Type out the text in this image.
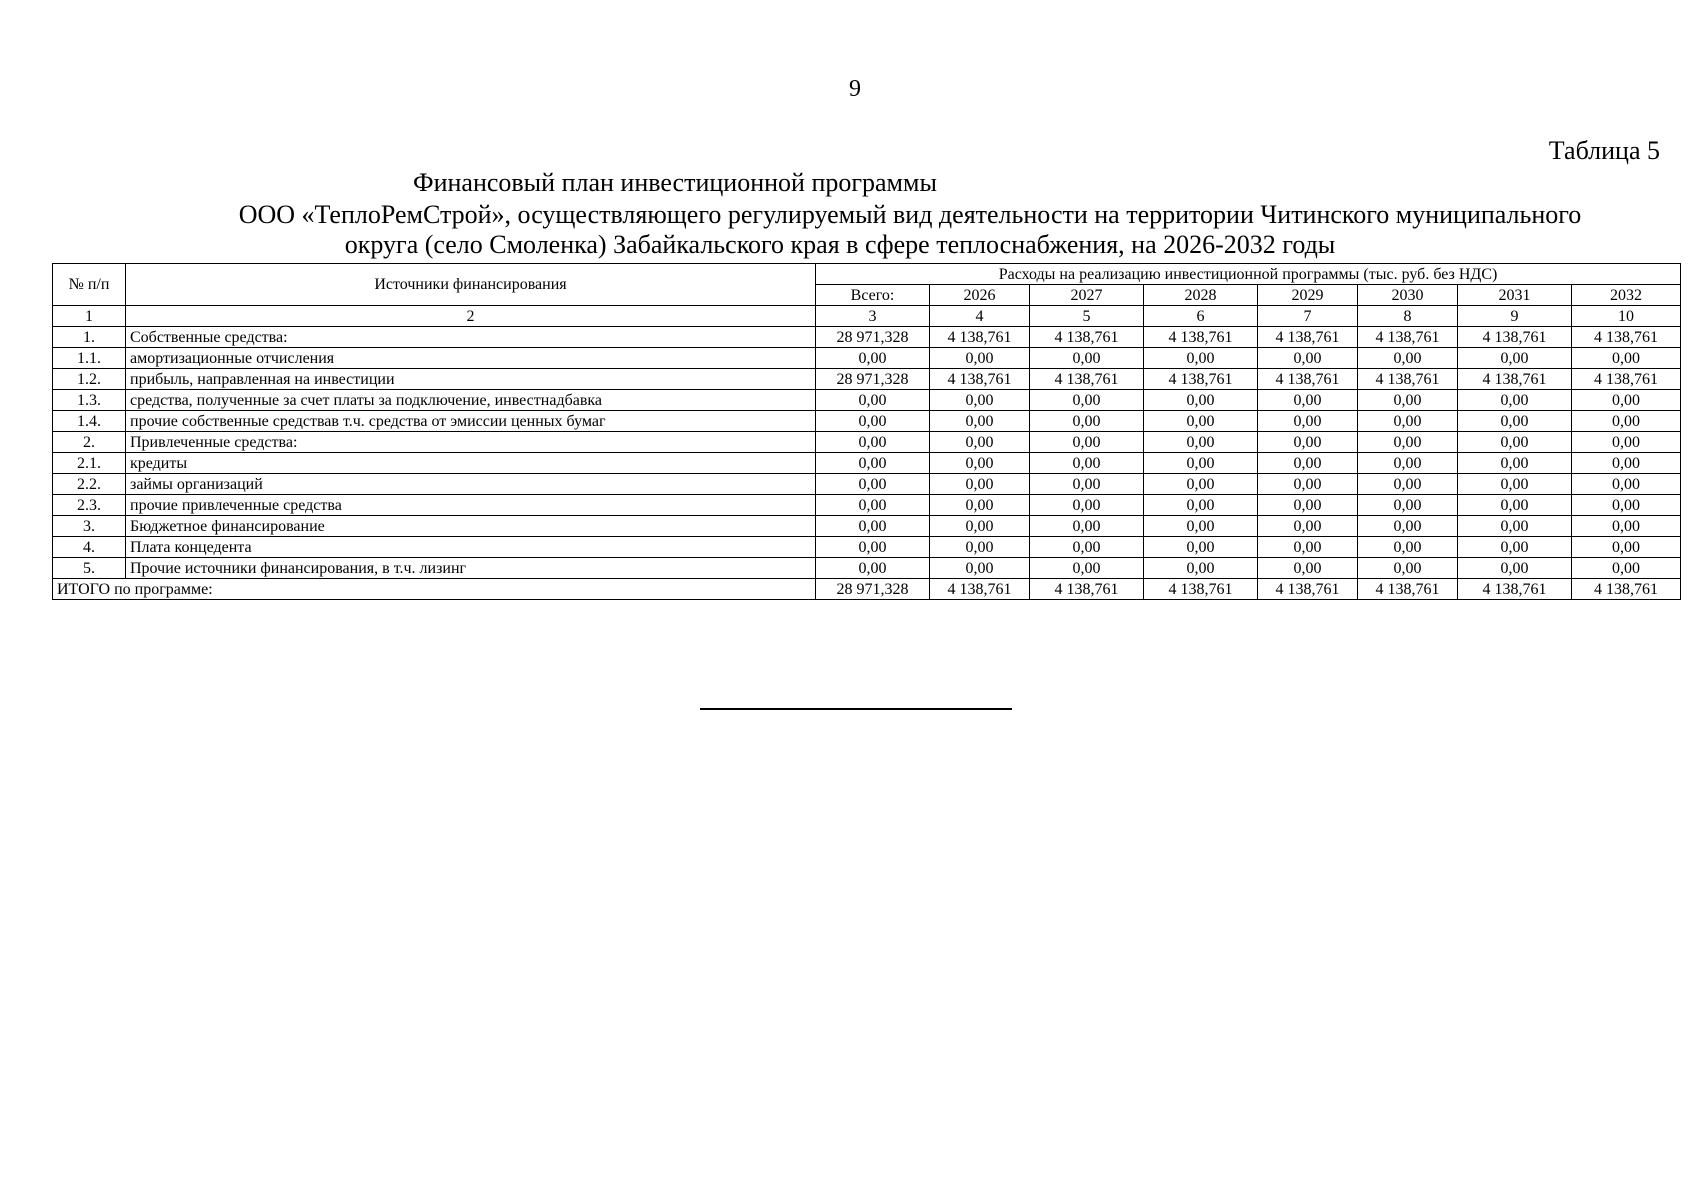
9
Таблица 5
Финансовый план инвестиционной программы
ООО «ТеплоРемСтрой», осуществляющего регулируемый вид деятельности на территории Читинского муниципального
округа (село Смоленка) Забайкальского края в сфере теплоснабжения, на 2026-2032 годы
№ п/п	Источники финансирования	Расходы на реализацию инвестиционной программы (тыс. руб. без НДС)							
		Всего:	2026	2027	2028	2029	2030	2031	2032
1	2	3	4	5	6	7	8	9	10
1.	Собственные средства:	28 971,328	4 138,761	4 138,761	4 138,761	4 138,761	4 138,761	4 138,761	4 138,761
1.1.	амортизационные отчисления	0,00	0,00	0,00	0,00	0,00	0,00	0,00	0,00
1.2.	прибыль, направленная на инвестиции	28 971,328	4 138,761	4 138,761	4 138,761	4 138,761	4 138,761	4 138,761	4 138,761
1.3.	средства, полученные за счет платы за подключение, инвестнадбавка	0,00	0,00	0,00	0,00	0,00	0,00	0,00	0,00
1.4.	прочие собственные средствав т.ч. средства от эмиссии ценных бумаг	0,00	0,00	0,00	0,00	0,00	0,00	0,00	0,00
2.	Привлеченные средства:	0,00	0,00	0,00	0,00	0,00	0,00	0,00	0,00
2.1.	кредиты	0,00	0,00	0,00	0,00	0,00	0,00	0,00	0,00
2.2.	займы организаций	0,00	0,00	0,00	0,00	0,00	0,00	0,00	0,00
2.3.	прочие привлеченные средства	0,00	0,00	0,00	0,00	0,00	0,00	0,00	0,00
3.	Бюджетное финансирование	0,00	0,00	0,00	0,00	0,00	0,00	0,00	0,00
4.	Плата концедента	0,00	0,00	0,00	0,00	0,00	0,00	0,00	0,00
5.	Прочие источники финансирования, в т.ч. лизинг	0,00	0,00	0,00	0,00	0,00	0,00	0,00	0,00
ИТОГО по программе:		28 971,328	4 138,761	4 138,761	4 138,761	4 138,761	4 138,761	4 138,761	4 138,761
